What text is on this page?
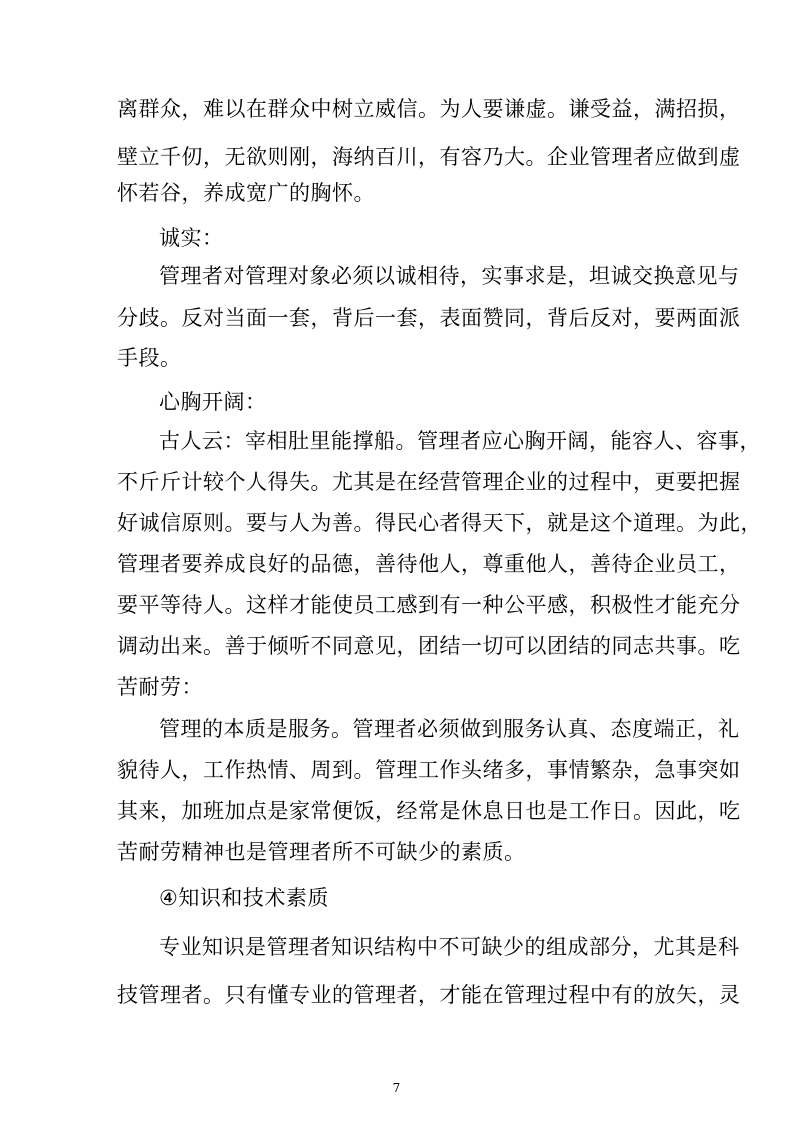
离群众，难以在群众中树立威信。为人要谦虚。谦受益，满招损，
壁立千仞，无欲则刚，海纳百川，有容乃大。企业管理者应做到虚
怀若谷，养成宽广的胸怀。
诚实：
管理者对管理对象必须以诚相待，实事求是，坦诚交换意见与
分歧。反对当面一套，背后一套，表面赞同，背后反对，要两面派
手段。
心胸开阔：
古人云：宰相肚里能撑船。管理者应心胸开阔，能容人、容事，
不斤斤计较个人得失。尤其是在经营管理企业的过程中，更要把握
好诚信原则。要与人为善。得民心者得天下，就是这个道理。为此，
管理者要养成良好的品德，善待他人，尊重他人，善待企业员工，
要平等待人。这样才能使员工感到有一种公平感，积极性才能充分
调动出来。善于倾听不同意见，团结一切可以团结的同志共事。吃
苦耐劳：
管理的本质是服务。管理者必须做到服务认真、态度端正，礼
貌待人，工作热情、周到。管理工作头绪多，事情繁杂，急事突如
其来，加班加点是家常便饭，经常是休息日也是工作日。因此，吃
苦耐劳精神也是管理者所不可缺少的素质。
④知识和技术素质
专业知识是管理者知识结构中不可缺少的组成部分，尤其是科
技管理者。只有懂专业的管理者，才能在管理过程中有的放矢，灵
7
